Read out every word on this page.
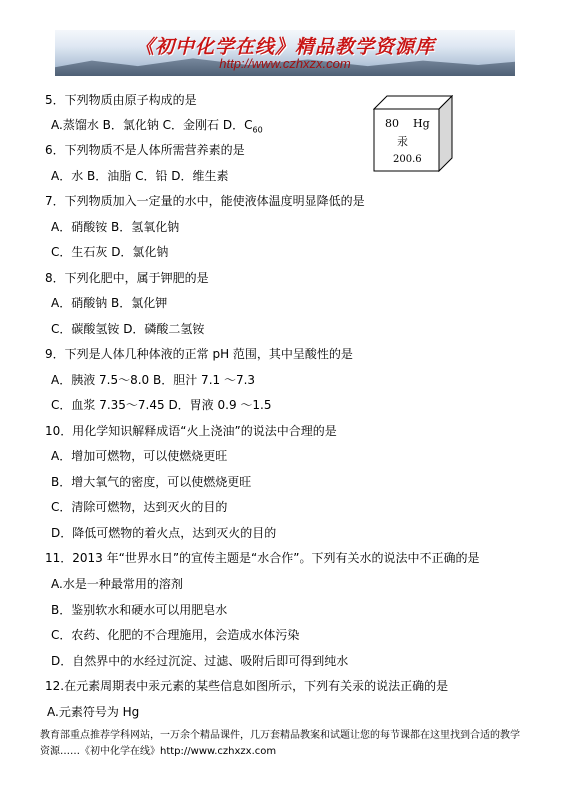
《初中化学在线》精品教学资源库
http://www.czhxzx.com
80 Hg
汞
200.6
5．下列物质由原子构成的是
A.蒸馏水 B．氯化钠 C．金刚石 D．$C_{60}$
6．下列物质不是人体所需营养素的是
A．水 B．油脂 C．铅 D．维生素
7．下列物质加入一定量的水中，能使液体温度明显降低的是
A．硝酸铵 B．氢氧化钠
C．生石灰 D．氯化钠
8．下列化肥中，属于钾肥的是
A．硝酸钠 B．氯化钾
C．碳酸氢铵 D．磷酸二氢铵
9．下列是人体几种体液的正常 pH 范围，其中呈酸性的是
A．胰液 7.5～8.0 B．胆汁 7.1 ～7.3
C．血浆 7.35～7.45 D．胃液 0.9 ～1.5
10．用化学知识解释成语“火上浇油”的说法中合理的是
A．增加可燃物，可以使燃烧更旺
B．增大氧气的密度，可以使燃烧更旺
C．清除可燃物，达到灭火的目的
D．降低可燃物的着火点，达到灭火的目的
11．2013 年“世界水日”的宣传主题是“水合作”。下列有关水的说法中不正确的是
A.水是一种最常用的溶剂
B．鉴别软水和硬水可以用肥皂水
C．农药、化肥的不合理施用，会造成水体污染
D．自然界中的水经过沉淀、过滤、吸附后即可得到纯水
12.在元素周期表中汞元素的某些信息如图所示，下列有关汞的说法正确的是
A.元素符号为 Hg
教育部重点推荐学科网站，一万余个精品课件，几万套精品教案和试题让您的每节课都在这里找到合适的教学
资源……《初中化学在线》http://www.czhxzx.com
